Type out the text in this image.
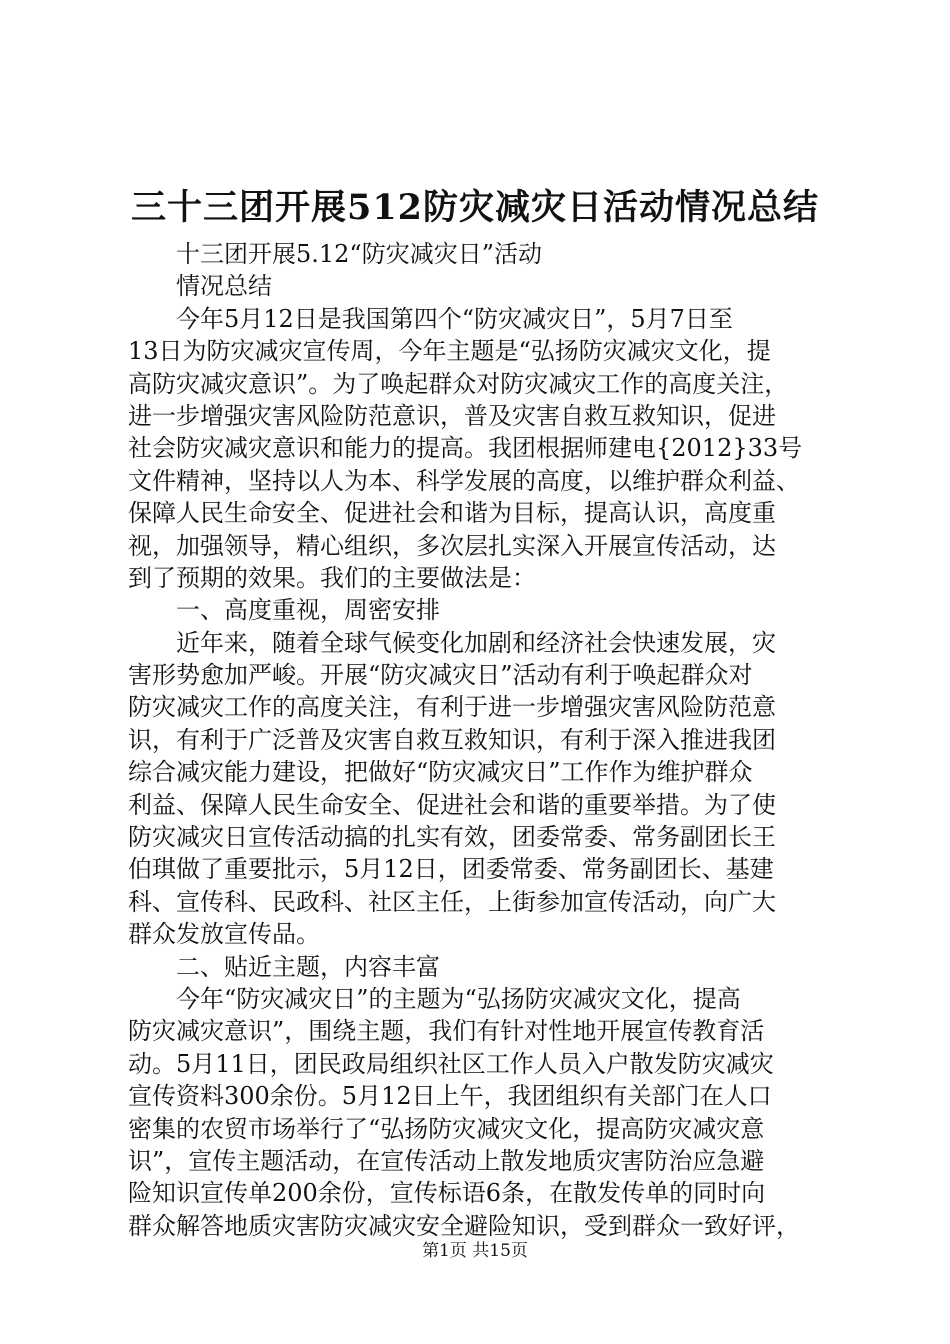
三十三团开展512防灾减灾日活动情况总结
十三团开展5.12“防灾减灾日”活动
情况总结
今年5月12日是我国第四个“防灾减灾日”，5月7日至
13日为防灾减灾宣传周，今年主题是“弘扬防灾减灾文化，提
高防灾减灾意识”。为了唤起群众对防灾减灾工作的高度关注，
进一步增强灾害风险防范意识，普及灾害自救互救知识，促进
社会防灾减灾意识和能力的提高。我团根据师建电{2012}33号
文件精神，坚持以人为本、科学发展的高度，以维护群众利益、
保障人民生命安全、促进社会和谐为目标，提高认识，高度重
视，加强领导，精心组织，多次层扎实深入开展宣传活动，达
到了预期的效果。我们的主要做法是：
一、高度重视，周密安排
近年来，随着全球气候变化加剧和经济社会快速发展，灾
害形势愈加严峻。开展“防灾减灾日”活动有利于唤起群众对
防灾减灾工作的高度关注，有利于进一步增强灾害风险防范意
识，有利于广泛普及灾害自救互救知识，有利于深入推进我团
综合减灾能力建设，把做好“防灾减灾日”工作作为维护群众
利益、保障人民生命安全、促进社会和谐的重要举措。为了使
防灾减灾日宣传活动搞的扎实有效，团委常委、常务副团长王
伯琪做了重要批示，5月12日，团委常委、常务副团长、基建
科、宣传科、民政科、社区主任，上街参加宣传活动，向广大
群众发放宣传品。
二、贴近主题，内容丰富
今年“防灾减灾日”的主题为“弘扬防灾减灾文化，提高
防灾减灾意识”，围绕主题，我们有针对性地开展宣传教育活
动。5月11日，团民政局组织社区工作人员入户散发防灾减灾
宣传资料300余份。5月12日上午，我团组织有关部门在人口
密集的农贸市场举行了“弘扬防灾减灾文化，提高防灾减灾意
识”，宣传主题活动，在宣传活动上散发地质灾害防治应急避
险知识宣传单200余份，宣传标语6条，在散发传单的同时向
群众解答地质灾害防灾减灾安全避险知识，受到群众一致好评，
第1页 共15页
